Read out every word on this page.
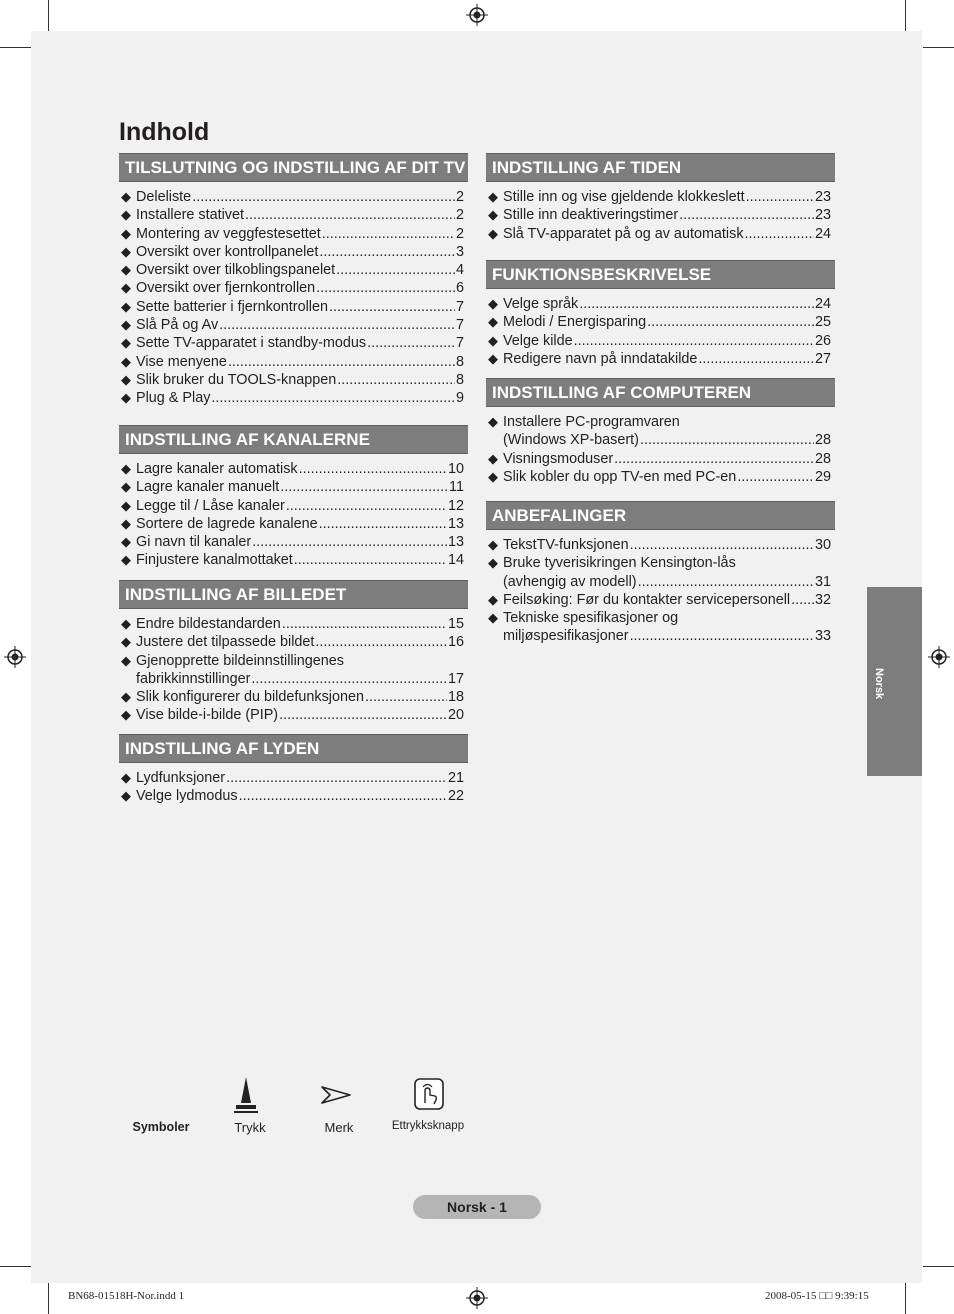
Indhold
TILSLUTNING OG INDSTILLING AF DIT TV
◆ Deleliste .....	2
◆ Installere stativet .....	2
◆ Montering av veggfestesettet .....	2
◆ Oversikt over kontrollpanelet .....	3
◆ Oversikt over tilkoblingspanelet .....	4
◆ Oversikt over fjernkontrollen .....	6
◆ Sette batterier i fjernkontrollen .....	7
◆ Slå På og Av .....	7
◆ Sette TV-apparatet i standby-modus .....	7
◆ Vise menyene .....	8
◆ Slik bruker du TOOLS-knappen .....	8
◆ Plug & Play .....	9
INDSTILLING AF KANALERNE
◆ Lagre kanaler automatisk .....	10
◆ Lagre kanaler manuelt .....	11
◆ Legge til / Låse kanaler .....	12
◆ Sortere de lagrede kanalene .....	13
◆ Gi navn til kanaler .....	13
◆ Finjustere kanalmottaket .....	14
INDSTILLING AF BILLEDET
◆ Endre bildestandarden .....	15
◆ Justere det tilpassede bildet .....	16
◆ Gjenopprette bildeinnstillingenes
fabrikkinnstillinger .....	17
◆ Slik konfigurerer du bildefunksjonen .....	18
◆ Vise bilde-i-bilde (PIP) .....	20
INDSTILLING AF LYDEN
◆ Lydfunksjoner .....	21
◆ Velge lydmodus .....	22
INDSTILLING AF TIDEN
◆ Stille inn og vise gjeldende klokkeslett .....	23
◆ Stille inn deaktiveringstimer .....	23
◆ Slå TV-apparatet på og av automatisk .....	24
FUNKTIONSBESKRIVELSE
◆ Velge språk .....	24
◆ Melodi / Energisparing .....	25
◆ Velge kilde .....	26
◆ Redigere navn på inndatakilde .....	27
INDSTILLING AF COMPUTEREN
◆ Installere PC-programvaren
(Windows XP-basert) .....	28
◆ Visningsmoduser .....	28
◆ Slik kobler du opp TV-en med PC-en .....	29
ANBEFALINGER
◆ TekstTV-funksjonen .....	30
◆ Bruke tyverisikringen Kensington-lås
(avhengig av modell) .....	31
◆ Feilsøking: Før du kontakter servicepersonell ..... 32
◆ Tekniske spesifikasjoner og
miljøspesifikasjoner .....	33
Norsk
Symboler	Trykk	Merk	Ettrykksknapp
Norsk - 1
BN68-01518H-Nor.indd 1	2008-05-15 □□ 9:39:15
